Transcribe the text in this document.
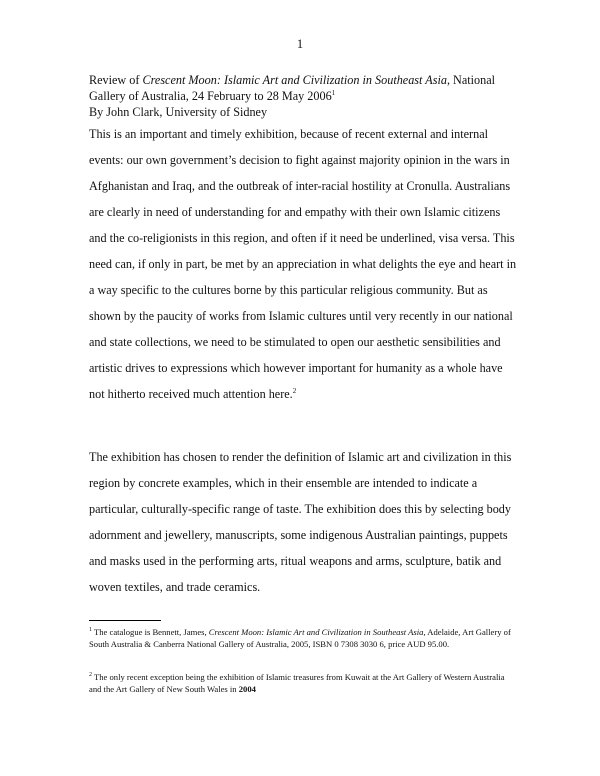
1
Review of Crescent Moon: Islamic Art and Civilization in Southeast Asia, National
Gallery of Australia, 24 February to 28 May 2006$^1$
By John Clark, University of Sidney
This is an important and timely exhibition, because of recent external and internal events: our own government’s decision to fight against majority opinion in the wars in Afghanistan and Iraq, and the outbreak of inter-racial hostility at Cronulla. Australians are clearly in need of understanding for and empathy with their own Islamic citizens and the co-religionists in this region, and often if it need be underlined, visa versa. This need can, if only in part, be met by an appreciation in what delights the eye and heart in a way specific to the cultures borne by this particular religious community. But as shown by the paucity of works from Islamic cultures until very recently in our national and state collections, we need to be stimulated to open our aesthetic sensibilities and artistic drives to expressions which however important for humanity as a whole have not hitherto received much attention here.$^2$
The exhibition has chosen to render the definition of Islamic art and civilization in this region by concrete examples, which in their ensemble are intended to indicate a particular, culturally-specific range of taste. The exhibition does this by selecting body adornment and jewellery, manuscripts, some indigenous Australian paintings, puppets and masks used in the performing arts, ritual weapons and arms, sculpture, batik and woven textiles, and trade ceramics.
$^1$ The catalogue is Bennett, James, Crescent Moon: Islamic Art and Civilization in Southeast Asia, Adelaide, Art Gallery of South Australia & Canberra National Gallery of Australia, 2005, ISBN 0 7308 3030 6, price AUD 95.00.
$^2$ The only recent exception being the exhibition of Islamic treasures from Kuwait at the Art Gallery of Western Australia and the Art Gallery of New South Wales in 2004
